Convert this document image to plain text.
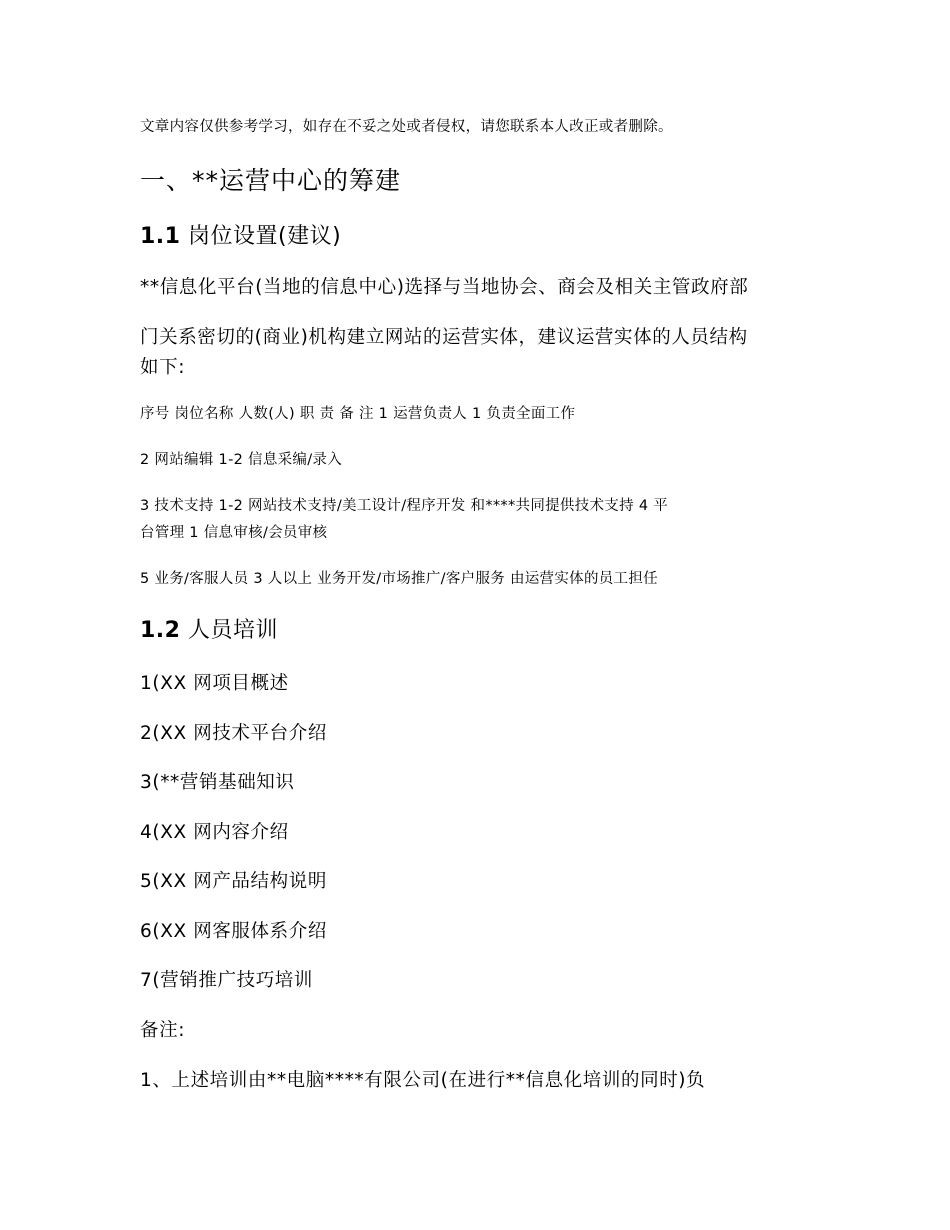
文章内容仅供参考学习，如存在不妥之处或者侵权，请您联系本人改正或者删除。
一、**运营中心的筹建
1.1 岗位设置(建议)
**信息化平台(当地的信息中心)选择与当地协会、商会及相关主管政府部
门关系密切的(商业)机构建立网站的运营实体，建议运营实体的人员结构
如下:
序号 岗位名称 人数(人) 职 责 备 注 1 运营负责人 1 负责全面工作
2 网站编辑 1-2 信息采编/录入
3 技术支持 1-2 网站技术支持/美工设计/程序开发 和****共同提供技术支持 4 平
台管理 1 信息审核/会员审核
5 业务/客服人员 3 人以上 业务开发/市场推广/客户服务 由运营实体的员工担任
1.2 人员培训
1(XX 网项目概述
2(XX 网技术平台介绍
3(**营销基础知识
4(XX 网内容介绍
5(XX 网产品结构说明
6(XX 网客服体系介绍
7(营销推广技巧培训
备注:
1、上述培训由**电脑****有限公司(在进行**信息化培训的同时)负
